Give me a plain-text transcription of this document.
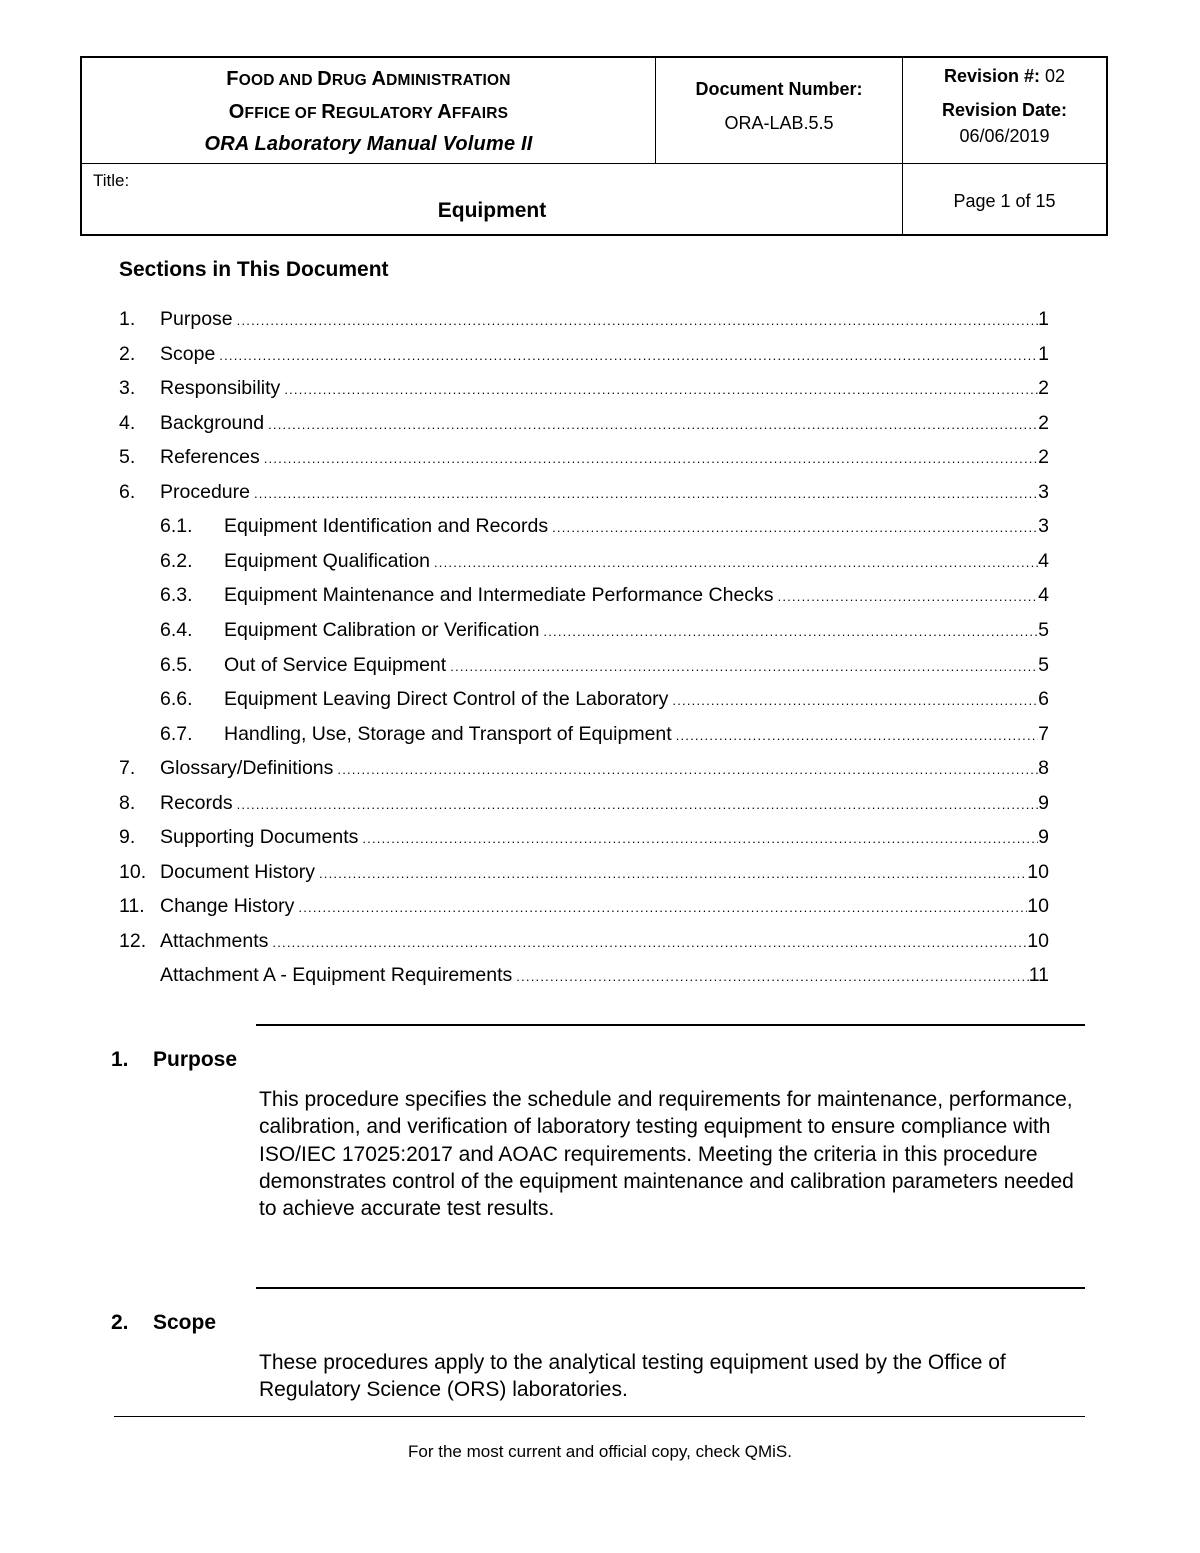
FOOD AND DRUG ADMINISTRATION
OFFICE OF REGULATORY AFFAIRS
ORA Laboratory Manual Volume II
Document Number:
ORA-LAB.5.5
Revision #: 02
Revision Date:
06/06/2019
Title:
Equipment	Page 1 of 15
Sections in This Document
1.	Purpose .....	1
2.	Scope .....	1
3.	Responsibility .....	2
4.	Background .....	2
5.	References .....	2
6.	Procedure .....	3
6.1.	Equipment Identification and Records .....	3
6.2.	Equipment Qualification .....	4
6.3.	Equipment Maintenance and Intermediate Performance Checks .....	4
6.4.	Equipment Calibration or Verification .....	5
6.5.	Out of Service Equipment .....	5
6.6.	Equipment Leaving Direct Control of the Laboratory .....	6
6.7.	Handling, Use, Storage and Transport of Equipment .....	7
7.	Glossary/Definitions .....	8
8.	Records .....	9
9.	Supporting Documents .....	9
10. Document History .....	10
11. Change History .....	10
12. Attachments .....	10
Attachment A - Equipment Requirements .....	11
1. Purpose
This procedure specifies the schedule and requirements for maintenance, performance, calibration, and verification of laboratory testing equipment to ensure compliance with ISO/IEC 17025:2017 and AOAC requirements. Meeting the criteria in this procedure demonstrates control of the equipment maintenance and calibration parameters needed to achieve accurate test results.
2. Scope
These procedures apply to the analytical testing equipment used by the Office of Regulatory Science (ORS) laboratories.
For the most current and official copy, check QMiS.
